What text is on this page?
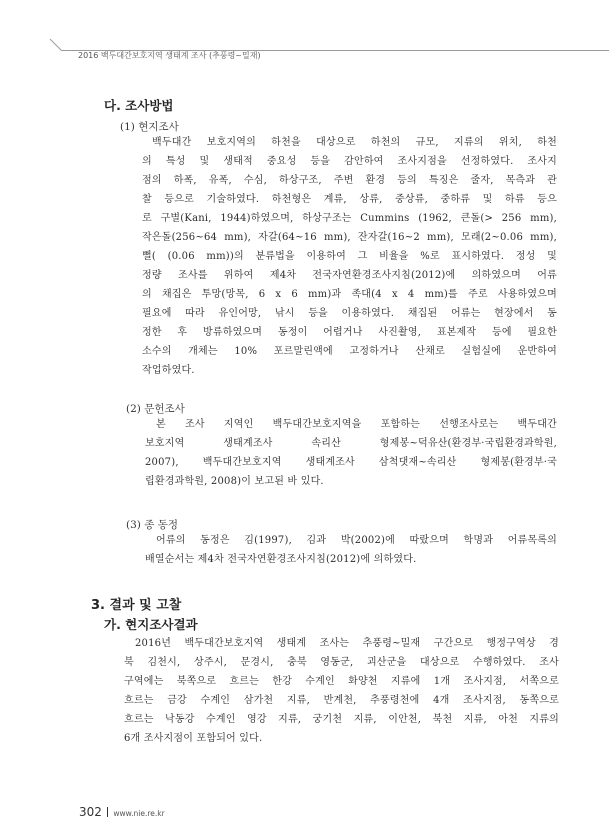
2016 백두대간보호지역 생태계 조사 (추풍령~밀재)
다. 조사방법
(1) 현지조사
백두대간 보호지역의 하천을 대상으로 하천의 규모, 지류의 위치, 하천
의 특성 및 생태적 중요성 등을 감안하여 조사지점을 선정하였다. 조사지
점의 하폭, 유폭, 수심, 하상구조, 주변 환경 등의 특징은 줄자, 목측과 관
찰 등으로 기술하였다. 하천형은 계류, 상류, 중상류, 중하류 및 하류 등으
로 구별(Kani, 1944)하였으며, 하상구조는 Cummins (1962, 큰돌(> 256 mm),
작은돌(256~64 mm), 자갈(64~16 mm), 잔자갈(16~2 mm), 모래(2~0.06 mm),
뻘( (0.06 mm))의 분류법을 이용하여 그 비율을 %로 표시하였다. 정성 및
정량 조사를 위하여 제4차 전국자연환경조사지침(2012)에 의하였으며 어류
의 채집은 투망(망목, 6 x 6 mm)과 족대(4 x 4 mm)를 주로 사용하였으며
필요에 따라 유인어망, 낚시 등을 이용하였다. 채집된 어류는 현장에서 동
정한 후 방류하였으며 동정이 어렵거나 사진촬영, 표본제작 등에 필요한
소수의 개체는 10% 포르말린액에 고정하거나 산채로 실험실에 운반하여
작업하였다.
(2) 문헌조사
본 조사 지역인 백두대간보호지역을 포함하는 선행조사로는 백두대간
보호지역 생태계조사 속리산 형제봉~덕유산(환경부·국립환경과학원,
2007), 백두대간보호지역 생태계조사 삼척댓재~속리산 형제봉(환경부·국
립환경과학원, 2008)이 보고된 바 있다.
(3) 종 동정
어류의 동정은 김(1997), 김과 박(2002)에 따랐으며 학명과 어류목록의
배열순서는 제4차 전국자연환경조사지침(2012)에 의하였다.
3. 결과 및 고찰
가. 현지조사결과
2016년 백두대간보호지역 생태계 조사는 추풍령~밀재 구간으로 행정구역상 경
북 김천시, 상주시, 문경시, 충북 영동군, 괴산군을 대상으로 수행하였다. 조사
구역에는 북쪽으로 흐르는 한강 수계인 화양천 지류에 1개 조사지점, 서쪽으로
흐르는 금강 수계인 삼가천 지류, 반계천, 추풍령천에 4개 조사지점, 동쪽으로
흐르는 낙동강 수계인 영강 지류, 궁기천 지류, 이안천, 북천 지류, 아천 지류의
6개 조사지점이 포함되어 있다.
302 www.nie.re.kr
